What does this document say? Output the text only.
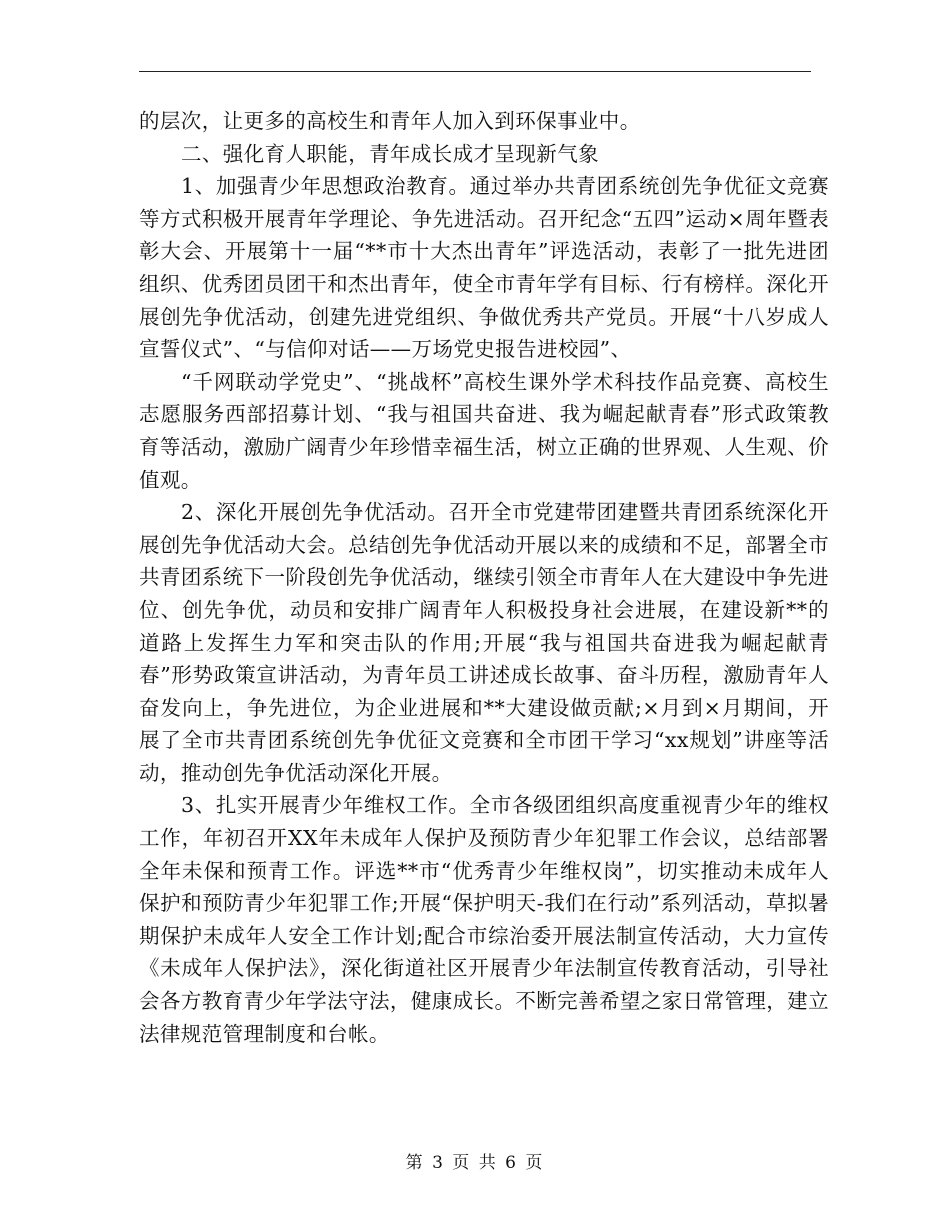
的层次，让更多的高校生和青年人加入到环保事业中。

二、强化育人职能，青年成长成才呈现新气象

1、加强青少年思想政治教育。通过举办共青团系统创先争优征文竞赛等方式积极开展青年学理论、争先进活动。召开纪念“五四”运动×周年暨表彰大会、开展第十一届“**市十大杰出青年”评选活动，表彰了一批先进团组织、优秀团员团干和杰出青年，使全市青年学有目标、行有榜样。深化开展创先争优活动，创建先进党组织、争做优秀共产党员。开展“十八岁成人宣誓仪式”、“与信仰对话——万场党史报告进校园”、

“千网联动学党史”、“挑战杯”高校生课外学术科技作品竞赛、高校生志愿服务西部招募计划、“我与祖国共奋进、我为崛起献青春”形式政策教育等活动，激励广阔青少年珍惜幸福生活，树立正确的世界观、人生观、价值观。

2、深化开展创先争优活动。召开全市党建带团建暨共青团系统深化开展创先争优活动大会。总结创先争优活动开展以来的成绩和不足，部署全市共青团系统下一阶段创先争优活动，继续引领全市青年人在大建设中争先进位、创先争优，动员和安排广阔青年人积极投身社会进展，在建设新**的道路上发挥生力军和突击队的作用;开展“我与祖国共奋进我为崛起献青春”形势政策宣讲活动，为青年员工讲述成长故事、奋斗历程，激励青年人奋发向上，争先进位，为企业进展和**大建设做贡献;×月到×月期间，开展了全市共青团系统创先争优征文竞赛和全市团干学习“xx规划”讲座等活动，推动创先争优活动深化开展。

3、扎实开展青少年维权工作。全市各级团组织高度重视青少年的维权工作，年初召开XX年未成年人保护及预防青少年犯罪工作会议，总结部署全年未保和预青工作。评选**市“优秀青少年维权岗”，切实推动未成年人保护和预防青少年犯罪工作;开展“保护明天-我们在行动”系列活动，草拟暑期保护未成年人安全工作计划;配合市综治委开展法制宣传活动，大力宣传《未成年人保护法》，深化街道社区开展青少年法制宣传教育活动，引导社会各方教育青少年学法守法，健康成长。不断完善希望之家日常管理，建立法律规范管理制度和台帐。

第 3 页 共 6 页
